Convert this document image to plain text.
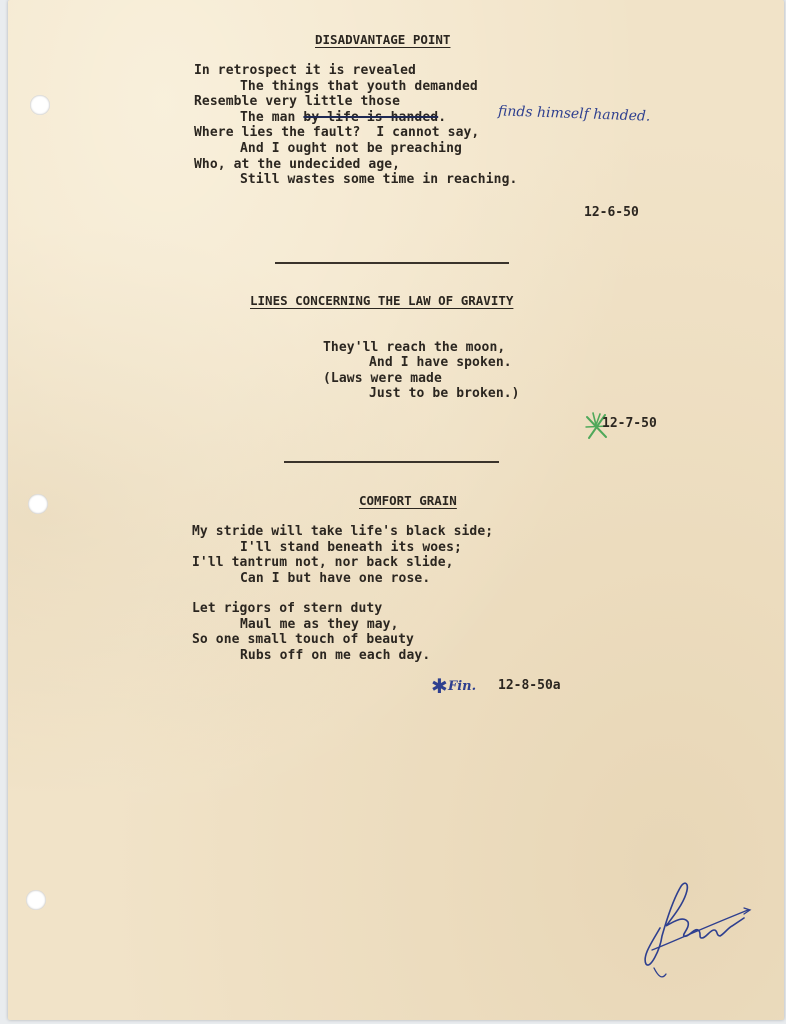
DISADVANTAGE POINT
In retrospect it is revealed
The things that youth demanded
Resemble very little those
The man by life is handed.	finds himself handed.
Where lies the fault?  I cannot say,
And I ought not be preaching
Who, at the undecided age,
Still wastes some time in reaching.
12-6-50
LINES CONCERNING THE LAW OF GRAVITY
They'll reach the moon,
And I have spoken.
(Laws were made
Just to be broken.)
12-7-50
COMFORT GRAIN
My stride will take life's black side;
I'll stand beneath its woes;
I'll tantrum not, nor back slide,
Can I but have one rose.
Let rigors of stern duty
Maul me as they may,
So one small touch of beauty
Rubs off on me each day.
✱ Fin. 12-8-50a
